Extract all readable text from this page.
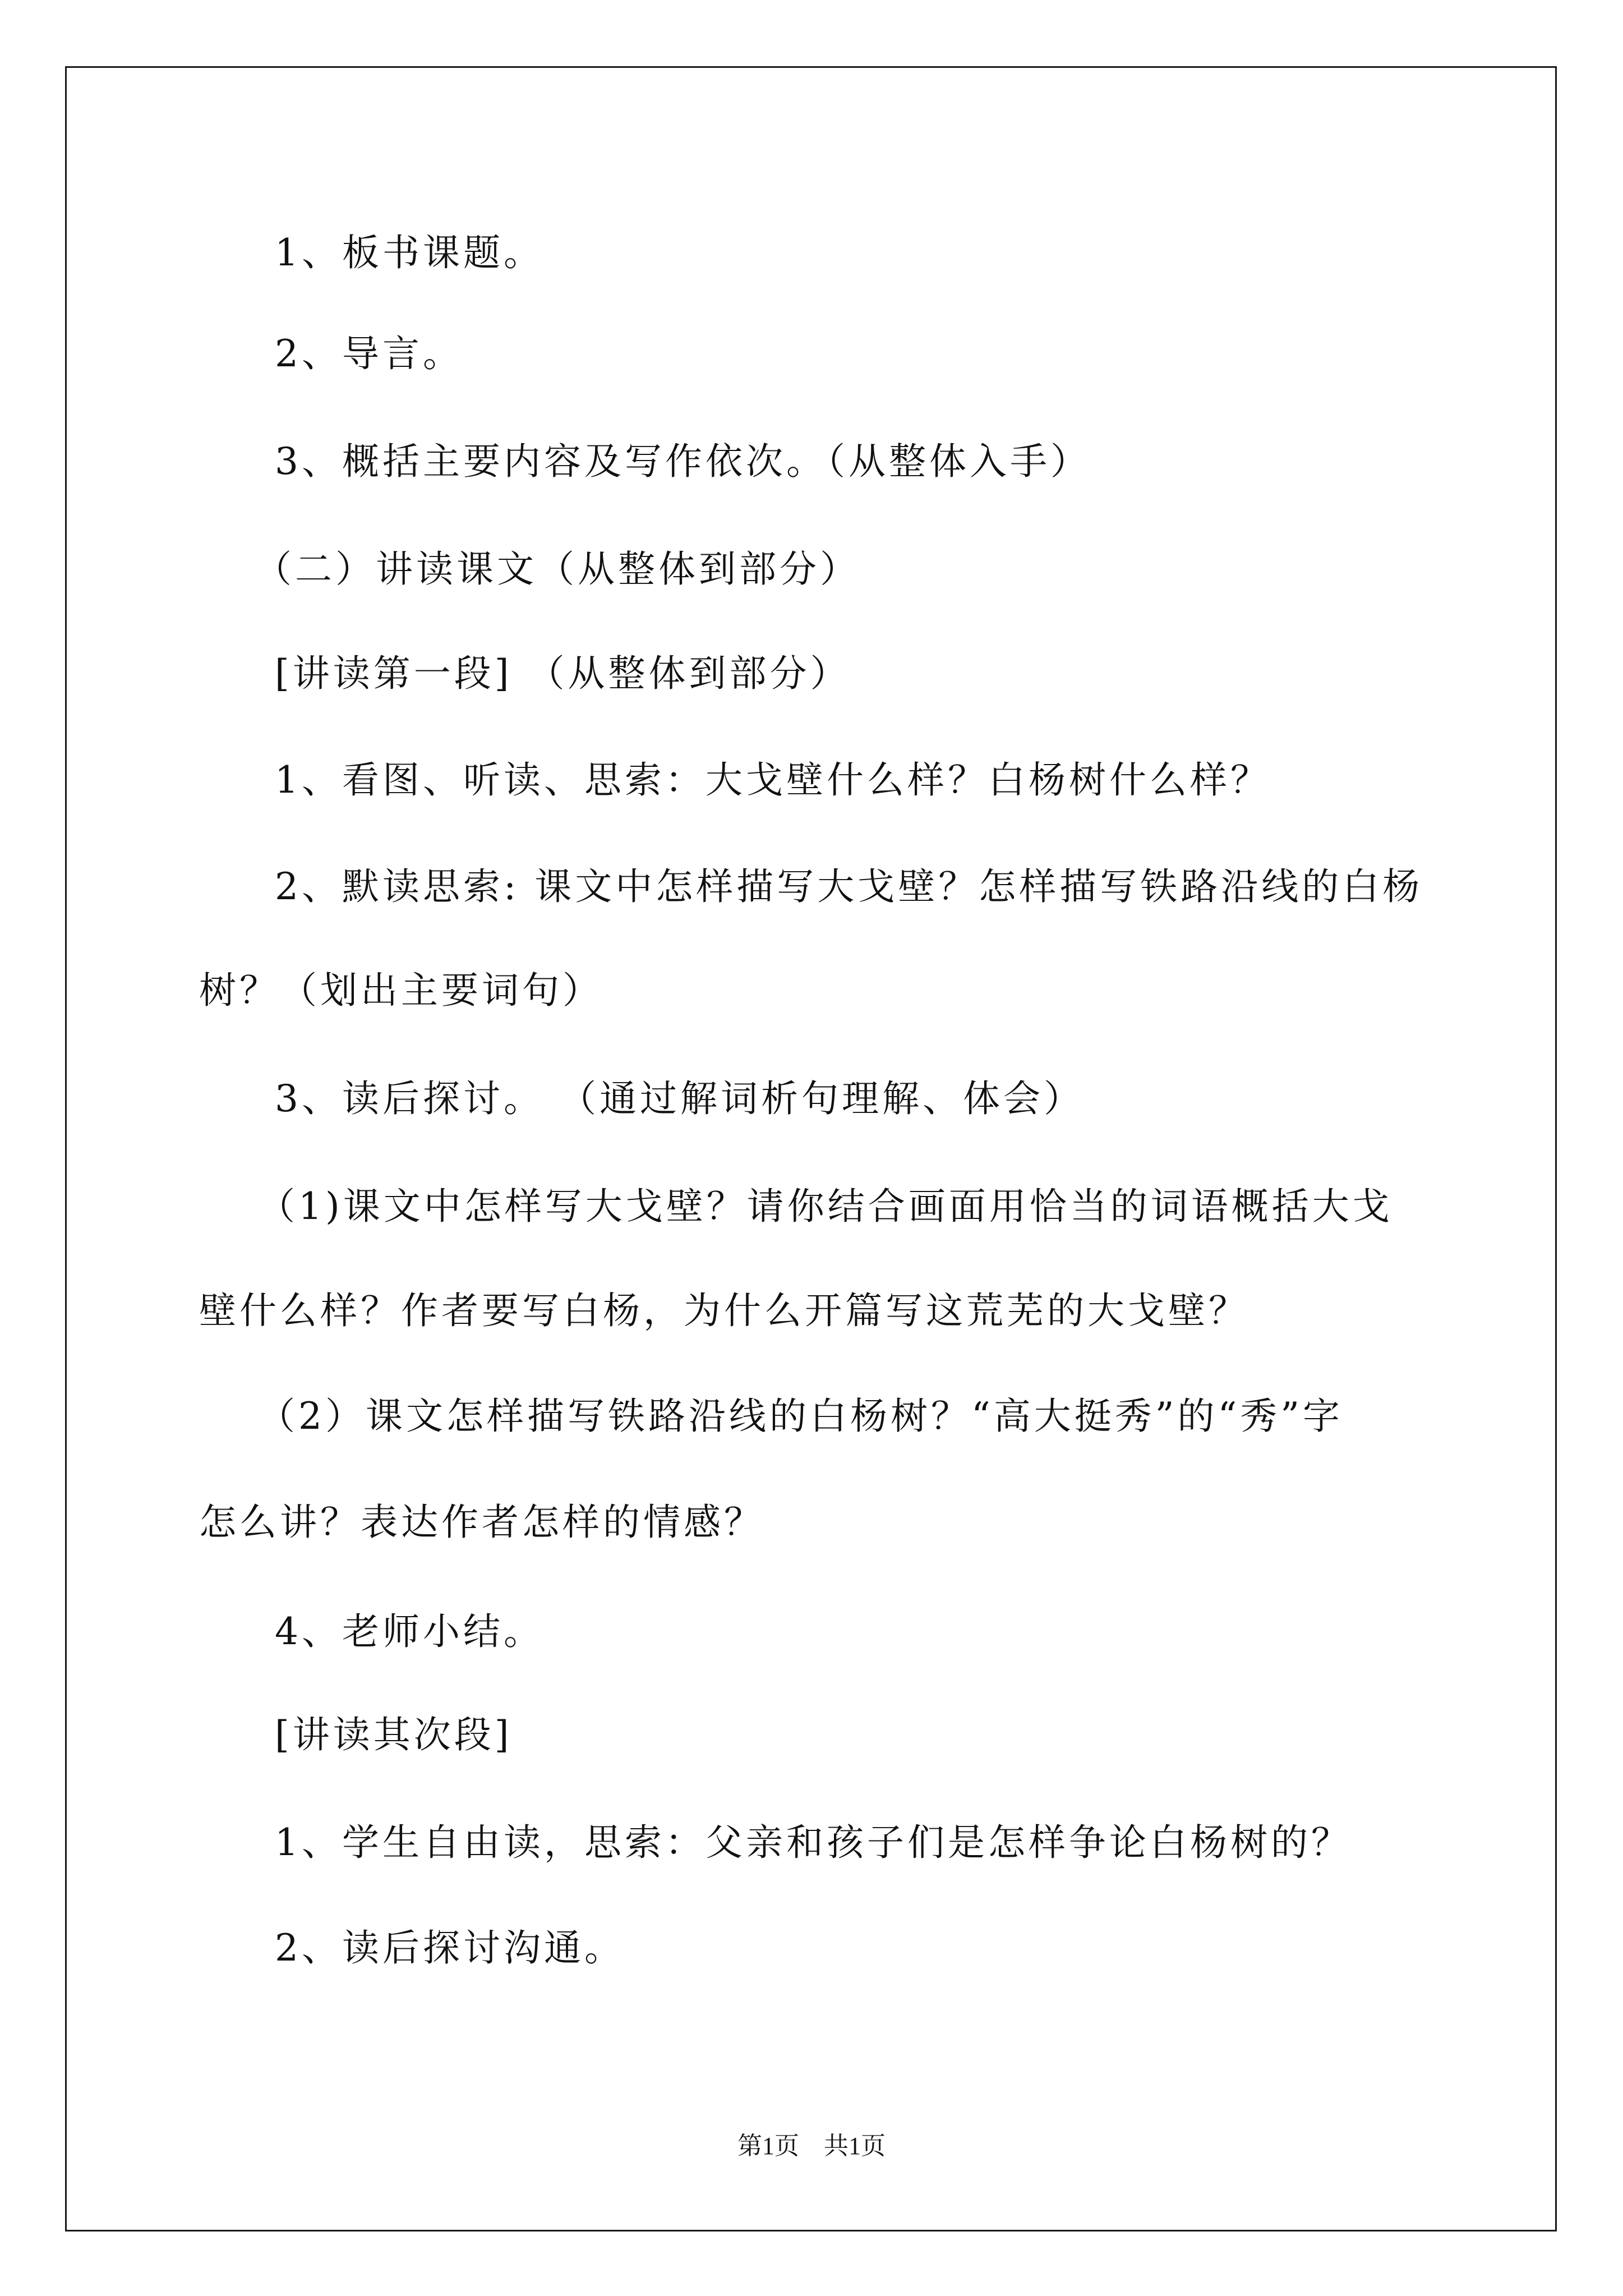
1、板书课题。

2、导言。

3、概括主要内容及写作依次。（从整体入手）

（二）讲读课文（从整体到部分）

[讲读第一段] （从整体到部分）

1、看图、听读、思索：大戈壁什么样？白杨树什么样？

2、默读思索: 课文中怎样描写大戈壁？怎样描写铁路沿线的白杨

树？（划出主要词句）

3、读后探讨。 （通过解词析句理解、体会）

（1)课文中怎样写大戈壁？请你结合画面用恰当的词语概括大戈

壁什么样？作者要写白杨，为什么开篇写这荒芜的大戈壁？

（2）课文怎样描写铁路沿线的白杨树？“高大挺秀”的“秀”字

怎么讲？表达作者怎样的情感？

4、老师小结。

[讲读其次段]

1、学生自由读，思索：父亲和孩子们是怎样争论白杨树的？

2、读后探讨沟通。

第1页　共1页
